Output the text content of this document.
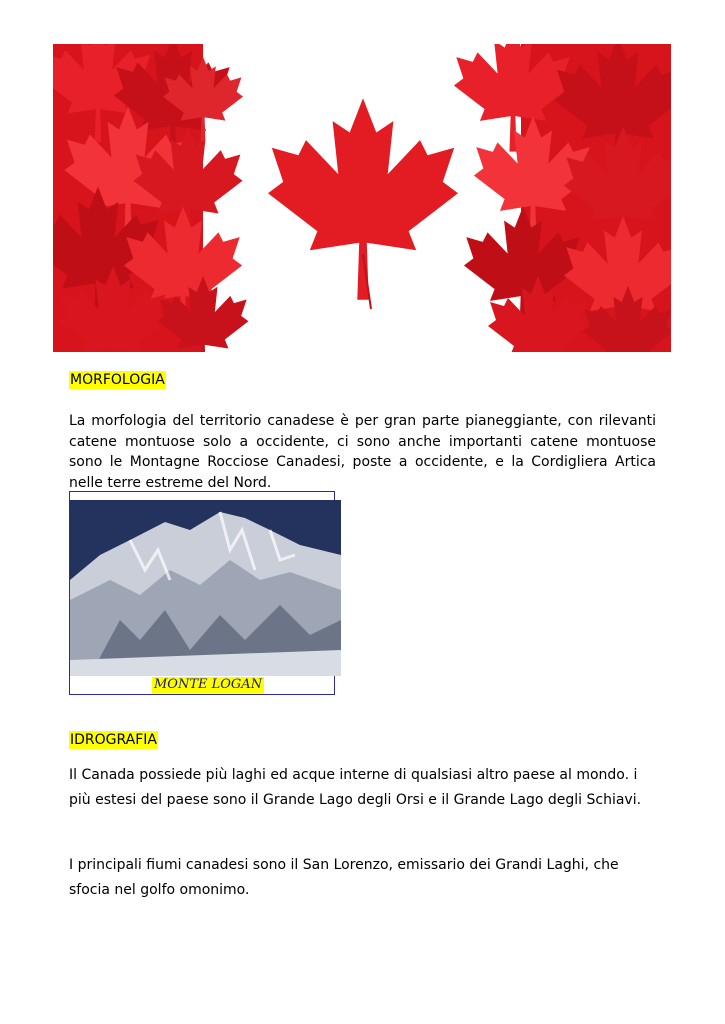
MORFOLOGIA
La morfologia del territorio canadese è per gran parte pianeggiante, con rilevanti catene montuose solo a occidente, ci sono anche importanti catene montuose sono le Montagne Rocciose Canadesi, poste a occidente, e la Cordigliera Artica nelle terre estreme del Nord.
MONTE LOGAN
IDROGRAFIA
Il Canada possiede più laghi ed acque interne di qualsiasi altro paese al mondo. i più estesi del paese sono il Grande Lago degli Orsi e il Grande Lago degli Schiavi.
I principali fiumi canadesi sono il San Lorenzo, emissario dei Grandi Laghi, che sfocia nel golfo omonimo.
